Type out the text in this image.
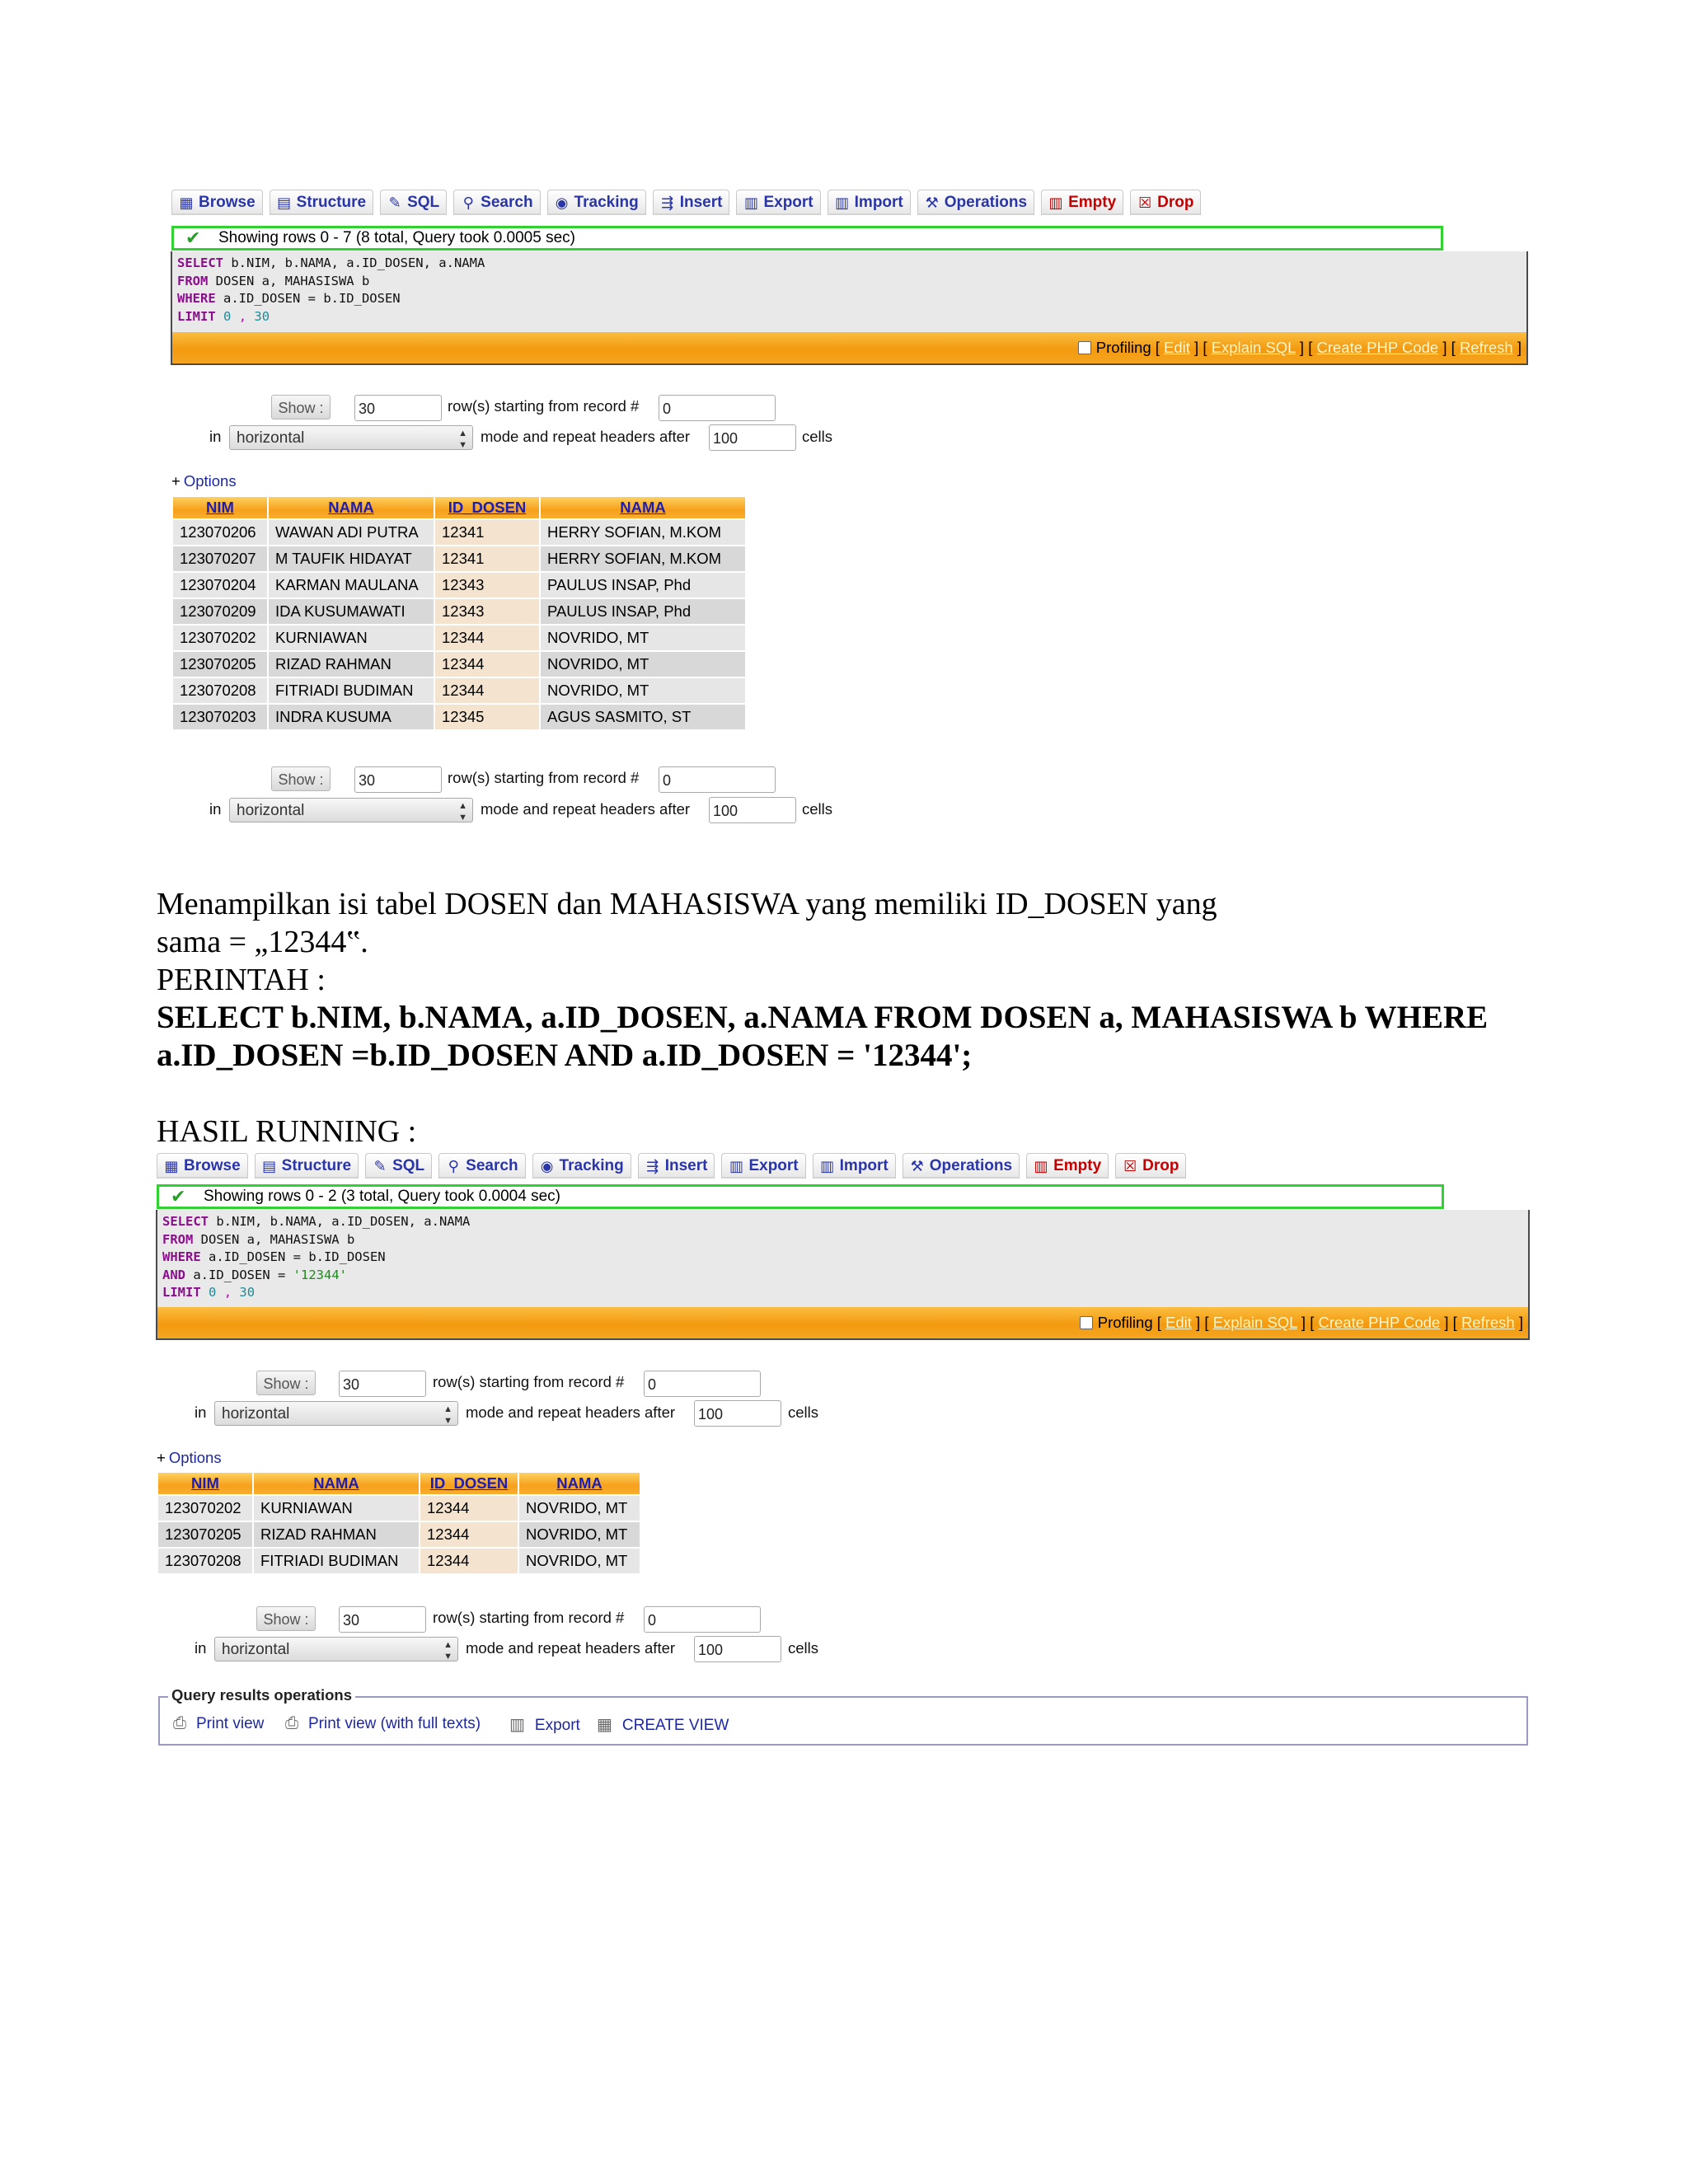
▦ Browse ▤ Structure ✎ SQL ⚲ Search ◉ Tracking ⇶ Insert ▥ Export ▥ Import ⚒ Operations ▥ Empty ☒ Drop
✔ Showing rows 0 - 7 (8 total, Query took 0.0005 sec)
SELECT b.NIM, b.NAMA, a.ID_DOSEN, a.NAMA
FROM DOSEN a, MAHASISWA b
WHERE a.ID_DOSEN = b.ID_DOSEN
LIMIT 0 , 30
Profiling [ Edit ] [ Explain SQL ] [ Create PHP Code ] [ Refresh ]
Show :	30	row(s) starting from record # 0
in horizontal	▲
▼ mode and repeat headers after 100	cells
+ Options
NIM	NAMA	ID_DOSEN	NAMA
123070206	WAWAN ADI PUTRA	12341	HERRY SOFIAN, M.KOM
123070207	M TAUFIK HIDAYAT	12341	HERRY SOFIAN, M.KOM
123070204	KARMAN MAULANA	12343	PAULUS INSAP, Phd
123070209	IDA KUSUMAWATI	12343	PAULUS INSAP, Phd
123070202	KURNIAWAN	12344	NOVRIDO, MT
123070205	RIZAD RAHMAN	12344	NOVRIDO, MT
123070208	FITRIADI BUDIMAN	12344	NOVRIDO, MT
123070203	INDRA KUSUMA	12345	AGUS SASMITO, ST
Show :	30	row(s) starting from record # 0
in horizontal	▲
▼ mode and repeat headers after 100	cells
Menampilkan isi tabel DOSEN dan MAHASISWA yang memiliki ID_DOSEN yang
sama = „12344‟.
PERINTAH :
SELECT b.NIM, b.NAMA, a.ID_DOSEN, a.NAMA FROM DOSEN a, MAHASISWA b WHERE
a.ID_DOSEN =b.ID_DOSEN AND a.ID_DOSEN = '12344';
HASIL RUNNING :
▦ Browse ▤ Structure ✎ SQL ⚲ Search ◉ Tracking ⇶ Insert ▥ Export ▥ Import ⚒ Operations ▥ Empty ☒ Drop
✔ Showing rows 0 - 2 (3 total, Query took 0.0004 sec)
SELECT b.NIM, b.NAMA, a.ID_DOSEN, a.NAMA
FROM DOSEN a, MAHASISWA b
WHERE a.ID_DOSEN = b.ID_DOSEN
AND a.ID_DOSEN = '12344'
LIMIT 0 , 30
Profiling [ Edit ] [ Explain SQL ] [ Create PHP Code ] [ Refresh ]
Show :	30	row(s) starting from record # 0
in horizontal	▲
▼ mode and repeat headers after 100	cells
+ Options
NIM	NAMA	ID_DOSEN	NAMA
123070202	KURNIAWAN	12344	NOVRIDO, MT
123070205	RIZAD RAHMAN	12344	NOVRIDO, MT
123070208	FITRIADI BUDIMAN	12344	NOVRIDO, MT
Show :	30	row(s) starting from record # 0
in horizontal	▲
▼ mode and repeat headers after 100	cells
Query results operations
⎙ Print view ⎙ Print view (with full texts) ▥ Export ▦ CREATE VIEW
